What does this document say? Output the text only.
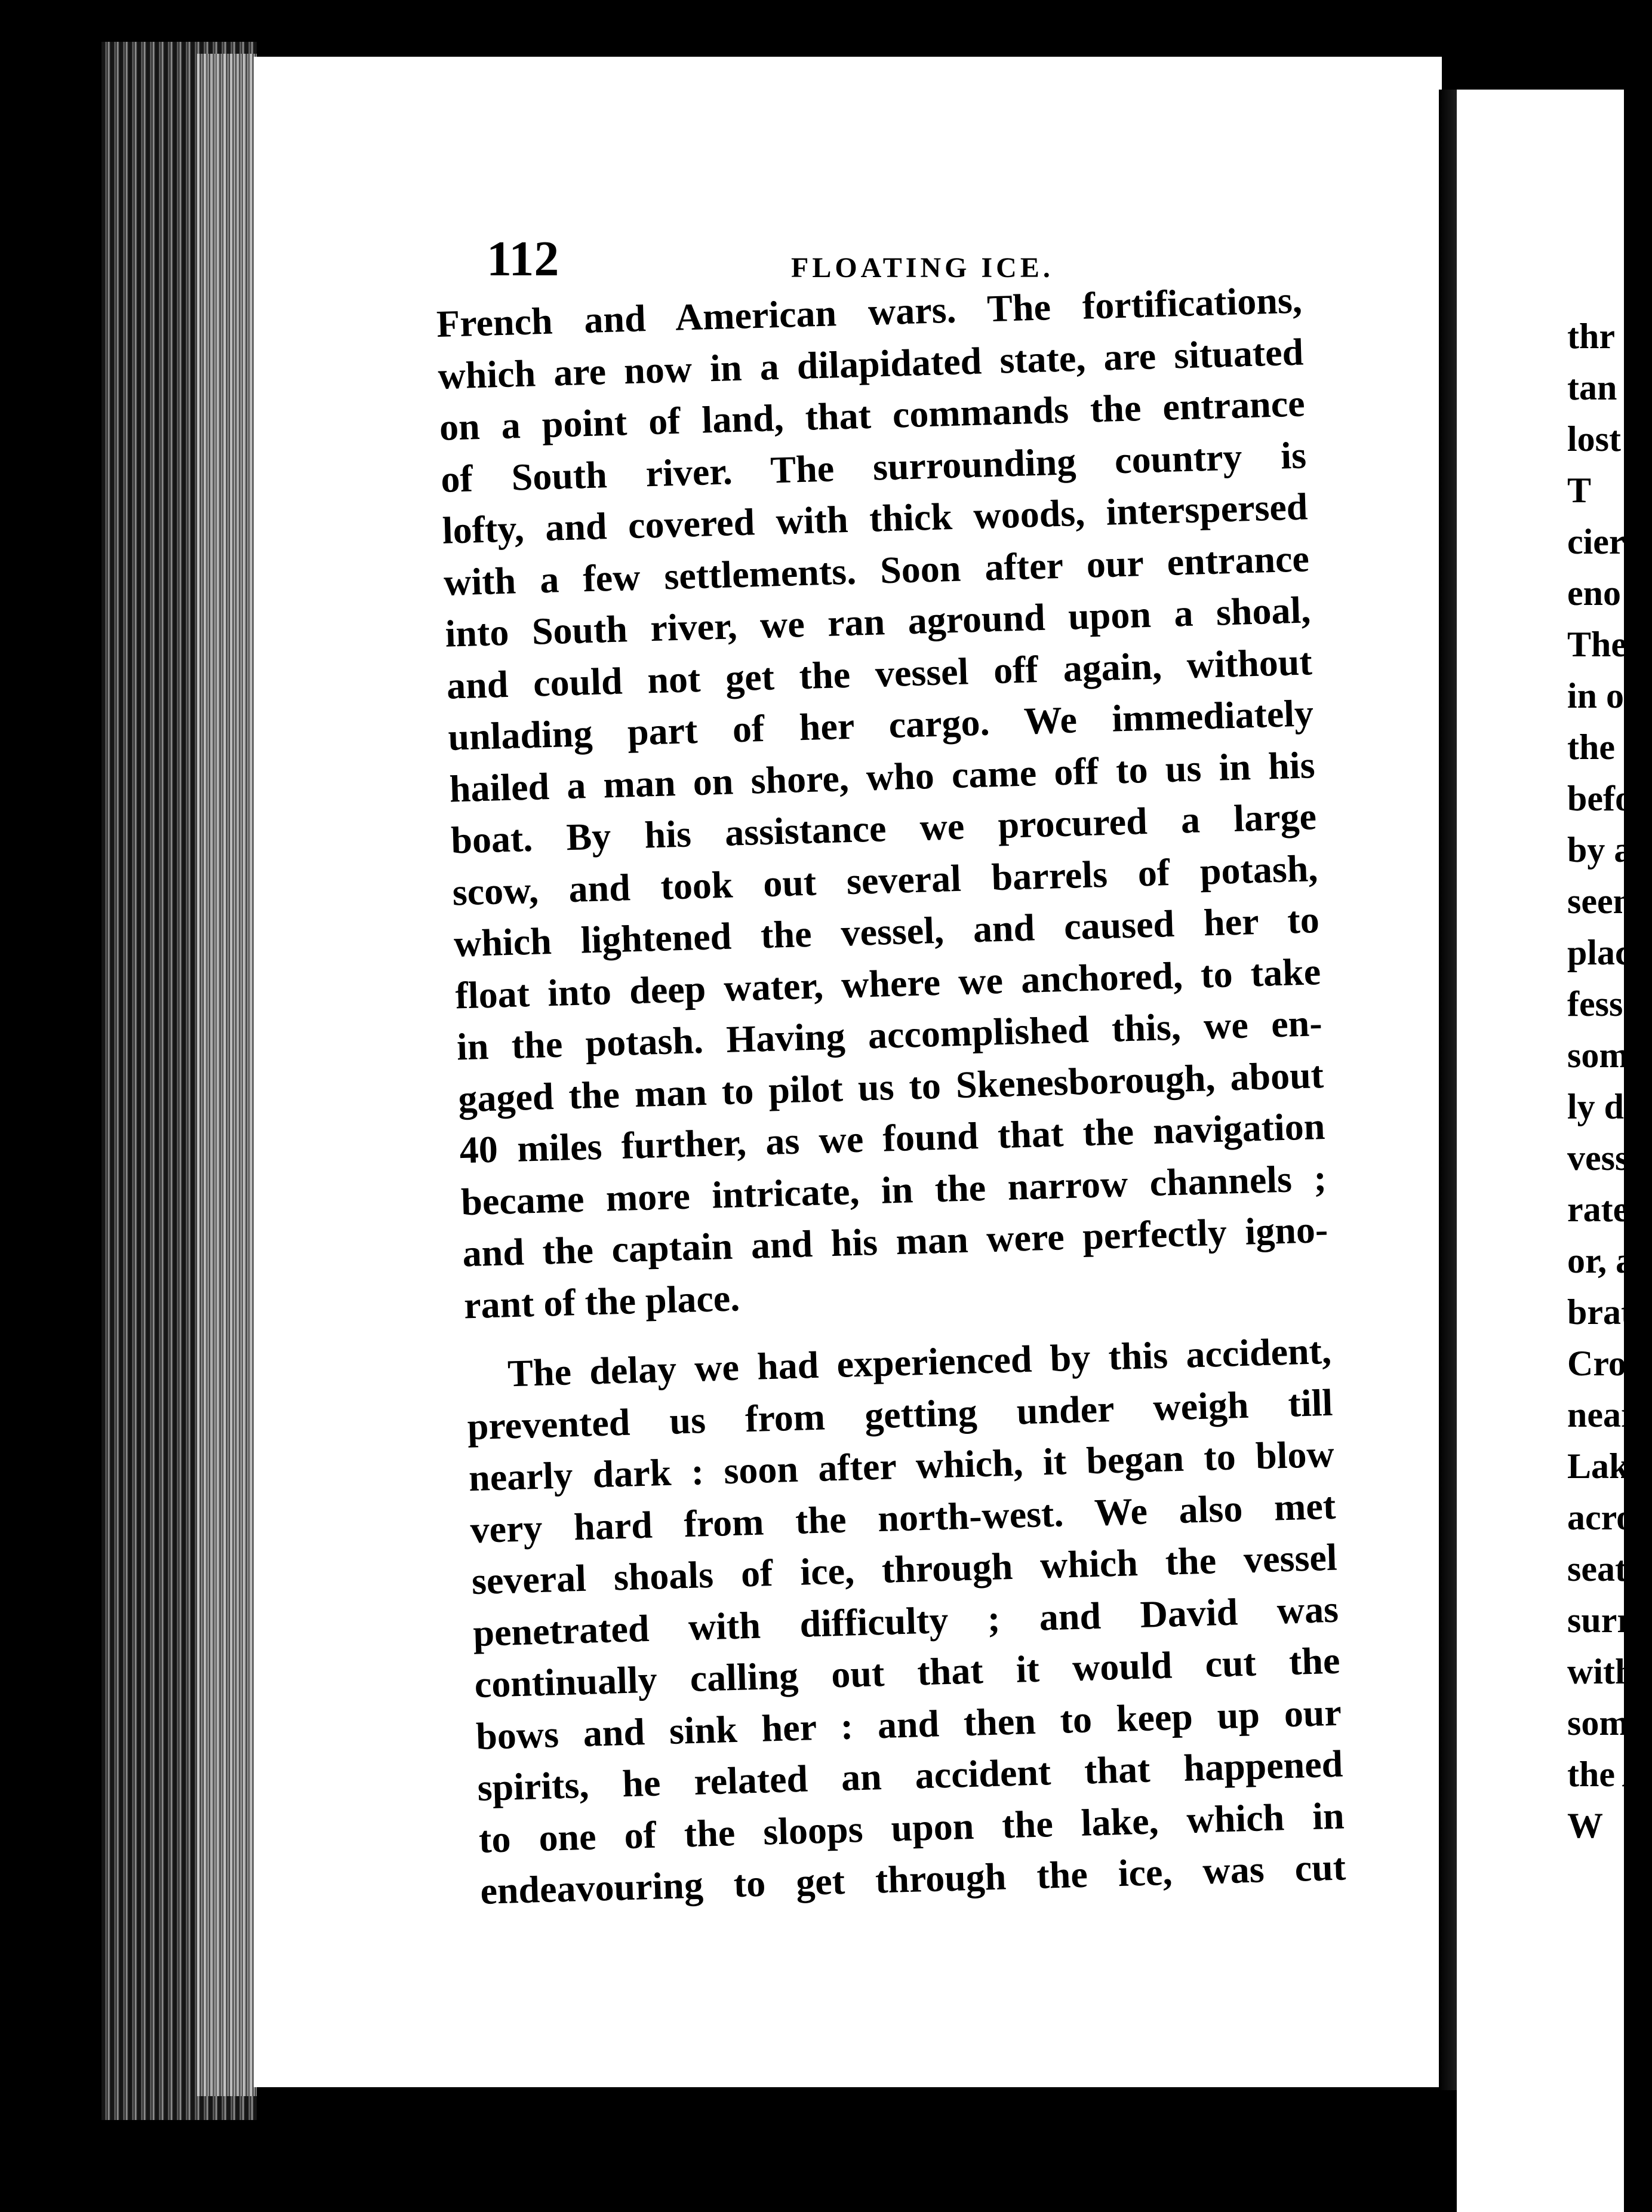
112	FLOATING ICE.
French and American wars. The fortifications,
which are now in a dilapidated state, are situated
on a point of land, that commands the entrance
of South river. The surrounding country is
lofty, and covered with thick woods, interspersed
with a few settlements. Soon after our entrance
into South river, we ran aground upon a shoal,
and could not get the vessel off again, without
unlading part of her cargo. We immediately
hailed a man on shore, who came off to us in his
boat. By his assistance we procured a large
scow, and took out several barrels of potash,
which lightened the vessel, and caused her to
float into deep water, where we anchored, to take
in the potash. Having accomplished this, we en-
gaged the man to pilot us to Skenesborough, about
40 miles further, as we found that the navigation
became more intricate, in the narrow channels ;
and the captain and his man were perfectly igno-
rant of the place.
The delay we had experienced by this accident,
prevented us from getting under weigh till
nearly dark : soon after which, it began to blow
very hard from the north-west. We also met
several shoals of ice, through which the vessel
penetrated with difficulty ; and David was
continually calling out that it would cut the
bows and sink her : and then to keep up our
spirits, he related an accident that happened
to one of the sloops upon the lake, which in
endeavouring to get through the ice, was cut
thr
tan
lost
T
cier
eno
The
in o
the
befo
by a
seen
plac
fesse
some
ly da
vesse
rate
or, a
brate
Crow
near
Lake
acros
seate
surro
with
some
the A
W
